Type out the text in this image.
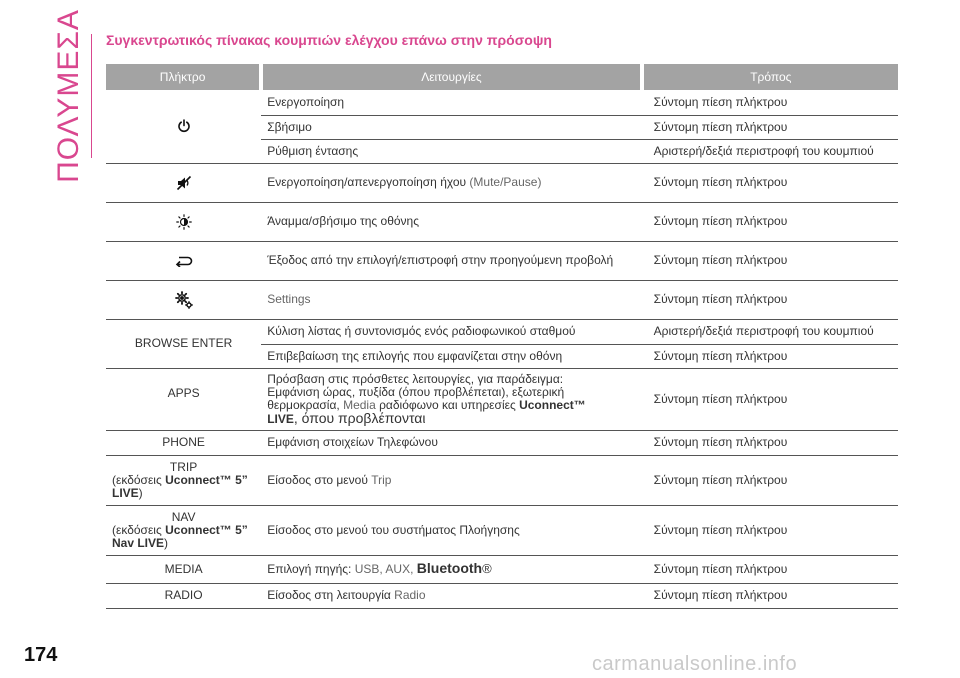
ΠΟΛΥΜΕΣΑ Συγκεντρωτικός πίνακας κουμπιών ελέγχου επάνω στην πρόσοψη
Πλήκτρο	Λειτουργίες	Τρόπος

	Ενεργοποίηση	Σύντομη πίεση πλήκτρου
	Σβήσιμο	Σύντομη πίεση πλήκτρου
	Ρύθμιση έντασης	Αριστερή/δεξιά περιστροφή του κουμπιού

	Ενεργοποίηση/απενεργοποίηση ήχου (Mute/Pause)	Σύντομη πίεση πλήκτρου

	Άναμμα/σβήσιμο της οθόνης	Σύντομη πίεση πλήκτρου

	Έξοδος από την επιλογή/επιστροφή στην προηγούμενη προβολή	Σύντομη πίεση πλήκτρου

	Settings	Σύντομη πίεση πλήκτρου
BROWSE ENTER	Κύλιση λίστας ή συντονισμός ενός ραδιοφωνικού σταθμού	Αριστερή/δεξιά περιστροφή του κουμπιού
	Επιβεβαίωση της επιλογής που εμφανίζεται στην οθόνη	Σύντομη πίεση πλήκτρου
APPS	Πρόσβαση στις πρόσθετες λειτουργίες, για παράδειγμα:
Εμφάνιση ώρας, πυξίδα (όπου προβλέπεται), εξωτερική
θερμοκρασία, Media ραδιόφωνο και υπηρεσίες Uconnect™
LIVE, όπου προβλέπονται	Σύντομη πίεση πλήκτρου
PHONE	Εμφάνιση στοιχείων Τηλεφώνου	Σύντομη πίεση πλήκτρου

TRIP
(εκδόσεις Uconnect™ 5”
LIVE)	Είσοδος στο μενού Trip	Σύντομη πίεση πλήκτρου

NAV
(εκδόσεις Uconnect™ 5”
Nav LIVE)	Είσοδος στο μενού του συστήματος Πλοήγησης	Σύντομη πίεση πλήκτρου
MEDIA	Επιλογή πηγής: USB, AUX, Bluetooth®	Σύντομη πίεση πλήκτρου
RADIO	Είσοδος στη λειτουργία Radio	Σύντομη πίεση πλήκτρου
174	carmanualsonline.info
